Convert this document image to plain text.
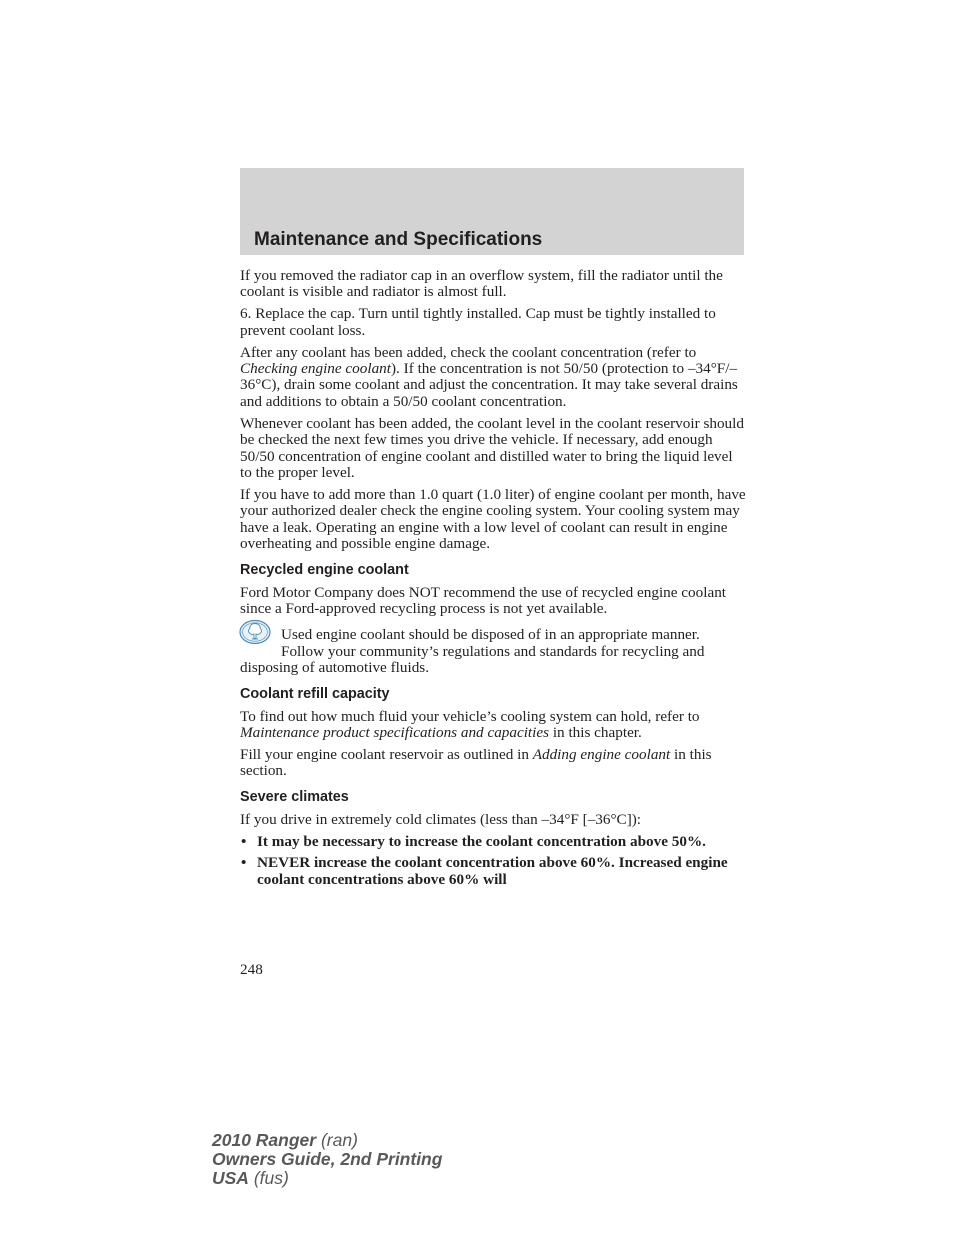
Maintenance and Specifications

If you removed the radiator cap in an overflow system, fill the radiator until the coolant is visible and radiator is almost full.

6. Replace the cap. Turn until tightly installed. Cap must be tightly installed to prevent coolant loss.

After any coolant has been added, check the coolant concentration (refer to Checking engine coolant). If the concentration is not 50/50 (protection to –34°F/–36°C), drain some coolant and adjust the concentration. It may take several drains and additions to obtain a 50/50 coolant concentration.

Whenever coolant has been added, the coolant level in the coolant reservoir should be checked the next few times you drive the vehicle. If necessary, add enough 50/50 concentration of engine coolant and distilled water to bring the liquid level to the proper level.

If you have to add more than 1.0 quart (1.0 liter) of engine coolant per month, have your authorized dealer check the engine cooling system. Your cooling system may have a leak. Operating an engine with a low level of coolant can result in engine overheating and possible engine damage.

Recycled engine coolant

Ford Motor Company does NOT recommend the use of recycled engine coolant since a Ford-approved recycling process is not yet available.

Used engine coolant should be disposed of in an appropriate manner. Follow your community’s regulations and standards for recycling and disposing of automotive fluids.

Coolant refill capacity

To find out how much fluid your vehicle’s cooling system can hold, refer to Maintenance product specifications and capacities in this chapter.

Fill your engine coolant reservoir as outlined in Adding engine coolant in this section.

Severe climates

If you drive in extremely cold climates (less than –34°F [–36°C]):

• It may be necessary to increase the coolant concentration above 50%.
• NEVER increase the coolant concentration above 60%. Increased engine coolant concentrations above 60% will
248
2010 Ranger (ran)
Owners Guide, 2nd Printing
USA (fus)
